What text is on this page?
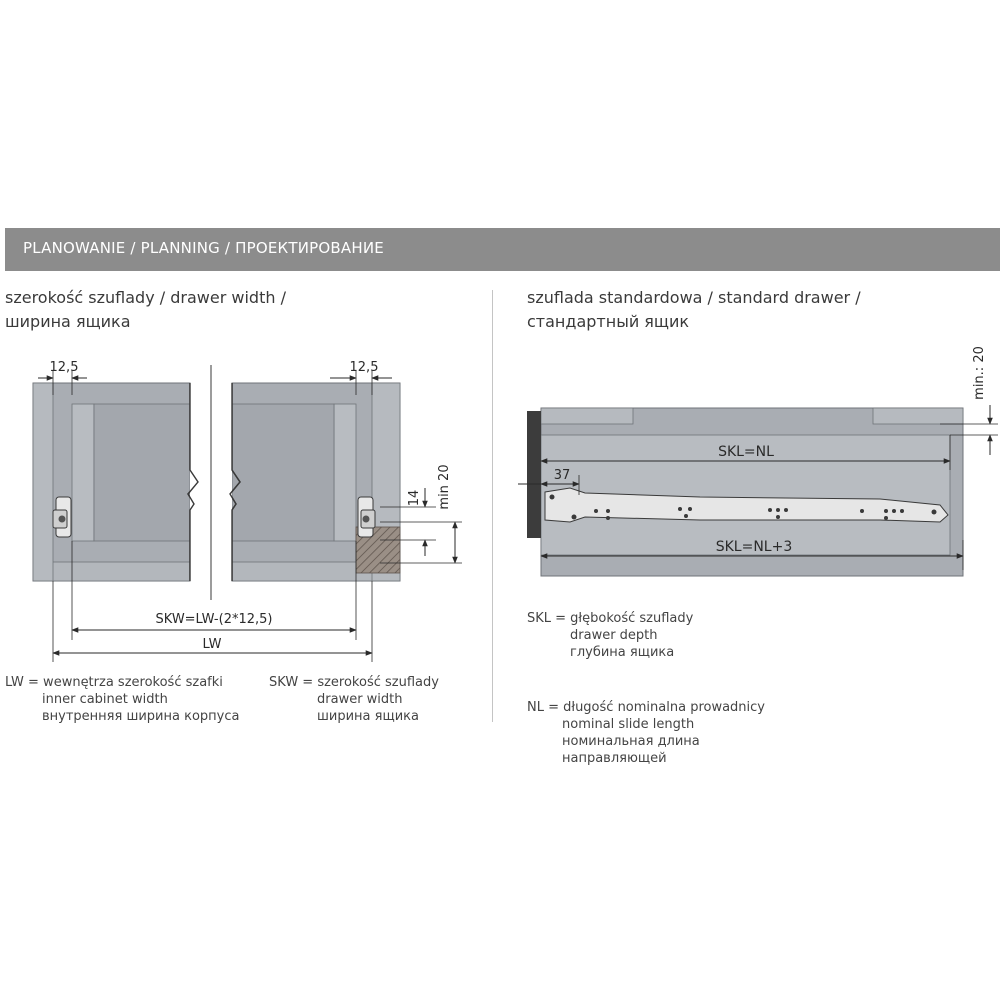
PLANOWANIE / PLANNING / ПРОЕКТИРОВАНИЕ
szerokość szuflady / drawer width /
ширина ящика
szuflada standardowa / standard drawer /
стандартный ящик
12,5	12,5
14 min 20
SKW=LW-(2*12,5)
LW
min.: 20
SKL=NL
37
SKL=NL+3
LW = wewnętrza szerokość szafki
inner cabinet width
внутренняя ширина корпуса
SKW = szerokość szuflady
drawer width
ширина ящика
SKL = głębokość szuflady
drawer depth
глубина ящика
NL = długość nominalna prowadnicy
nominal slide length
номинальная длина
направляющей
